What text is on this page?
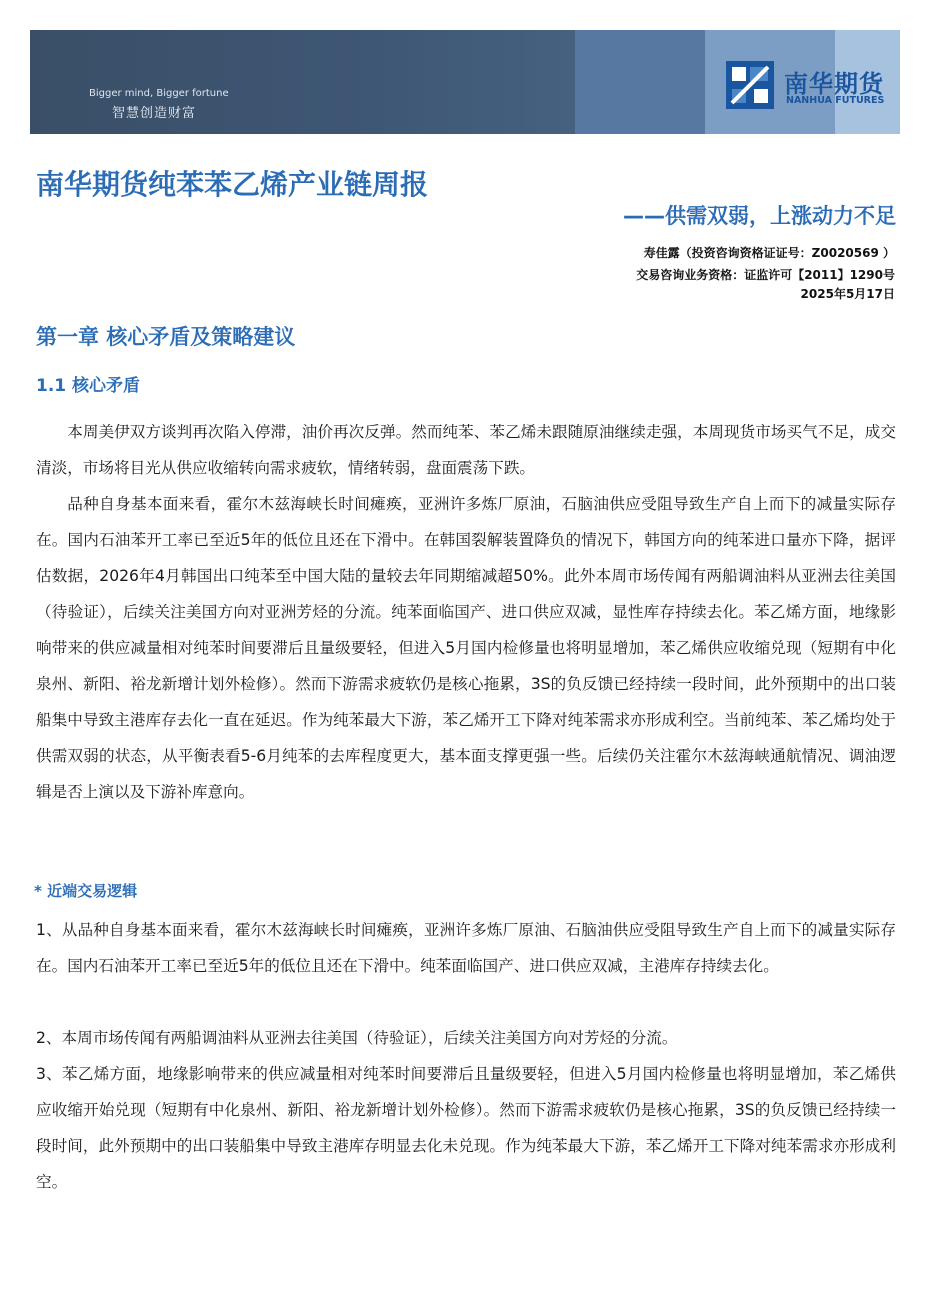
Bigger mind, Bigger fortune
智慧创造财富
南华期货
NANHUA FUTURES
南华期货纯苯苯乙烯产业链周报
——供需双弱，上涨动力不足
寿佳露（投资咨询资格证证号：Z0020569 ）
交易咨询业务资格：证监许可【2011】1290号
2025年5月17日
第一章 核心矛盾及策略建议
1.1 核心矛盾

本周美伊双方谈判再次陷入停滞，油价再次反弹。然而纯苯、苯乙烯未跟随原油继续走强，本周现货市场买气不足，成交清淡，市场将目光从供应收缩转向需求疲软，情绪转弱，盘面震荡下跌。

品种自身基本面来看，霍尔木兹海峡长时间瘫痪，亚洲许多炼厂原油，石脑油供应受阻导致生产自上而下的减量实际存在。国内石油苯开工率已至近5年的低位且还在下滑中。在韩国裂解装置降负的情况下，韩国方向的纯苯进口量亦下降，据评估数据，2026年4月韩国出口纯苯至中国大陆的量较去年同期缩减超50%。此外本周市场传闻有两船调油料从亚洲去往美国（待验证），后续关注美国方向对亚洲芳烃的分流。纯苯面临国产、进口供应双减，显性库存持续去化。苯乙烯方面，地缘影响带来的供应减量相对纯苯时间要滞后且量级要轻，但进入5月国内检修量也将明显增加，苯乙烯供应收缩兑现（短期有中化泉州、新阳、裕龙新增计划外检修）。然而下游需求疲软仍是核心拖累，3S的负反馈已经持续一段时间，此外预期中的出口装船集中导致主港库存去化一直在延迟。作为纯苯最大下游，苯乙烯开工下降对纯苯需求亦形成利空。当前纯苯、苯乙烯均处于供需双弱的状态，从平衡表看5-6月纯苯的去库程度更大，基本面支撑更强一些。后续仍关注霍尔木兹海峡通航情况、调油逻辑是否上演以及下游补库意向。

* 近端交易逻辑

1、从品种自身基本面来看，霍尔木兹海峡长时间瘫痪，亚洲许多炼厂原油、石脑油供应受阻导致生产自上而下的减量实际存在。国内石油苯开工率已至近5年的低位且还在下滑中。纯苯面临国产、进口供应双减，主港库存持续去化。

2、本周市场传闻有两船调油料从亚洲去往美国（待验证），后续关注美国方向对芳烃的分流。

3、苯乙烯方面，地缘影响带来的供应减量相对纯苯时间要滞后且量级要轻，但进入5月国内检修量也将明显增加，苯乙烯供应收缩开始兑现（短期有中化泉州、新阳、裕龙新增计划外检修）。然而下游需求疲软仍是核心拖累，3S的负反馈已经持续一段时间，此外预期中的出口装船集中导致主港库存明显去化未兑现。作为纯苯最大下游，苯乙烯开工下降对纯苯需求亦形成利空。
